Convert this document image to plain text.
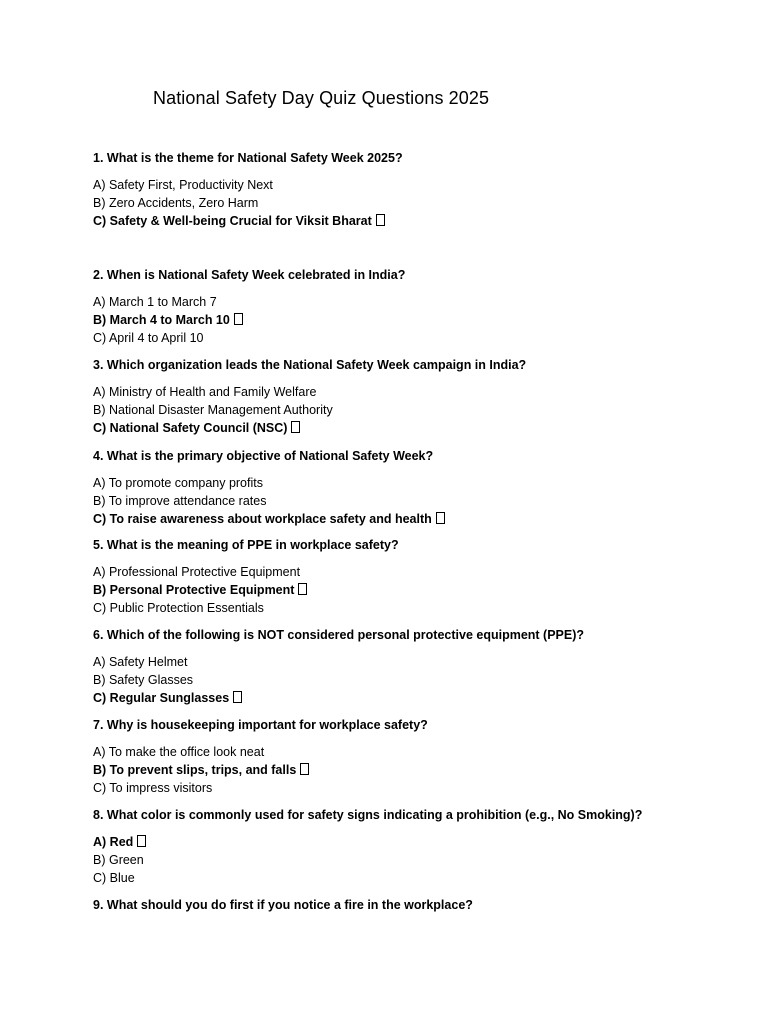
National Safety Day Quiz Questions 2025
1. What is the theme for National Safety Week 2025?
A) Safety First, Productivity Next
B) Zero Accidents, Zero Harm
C) Safety & Well-being Crucial for Viksit Bharat
2. When is National Safety Week celebrated in India?
A) March 1 to March 7
B) March 4 to March 10
C) April 4 to April 10
3. Which organization leads the National Safety Week campaign in India?
A) Ministry of Health and Family Welfare
B) National Disaster Management Authority
C) National Safety Council (NSC)
4. What is the primary objective of National Safety Week?
A) To promote company profits
B) To improve attendance rates
C) To raise awareness about workplace safety and health
5. What is the meaning of PPE in workplace safety?
A) Professional Protective Equipment
B) Personal Protective Equipment
C) Public Protection Essentials
6. Which of the following is NOT considered personal protective equipment (PPE)?
A) Safety Helmet
B) Safety Glasses
C) Regular Sunglasses
7. Why is housekeeping important for workplace safety?
A) To make the office look neat
B) To prevent slips, trips, and falls
C) To impress visitors
8. What color is commonly used for safety signs indicating a prohibition (e.g., No Smoking)?
A) Red
B) Green
C) Blue
9. What should you do first if you notice a fire in the workplace?
